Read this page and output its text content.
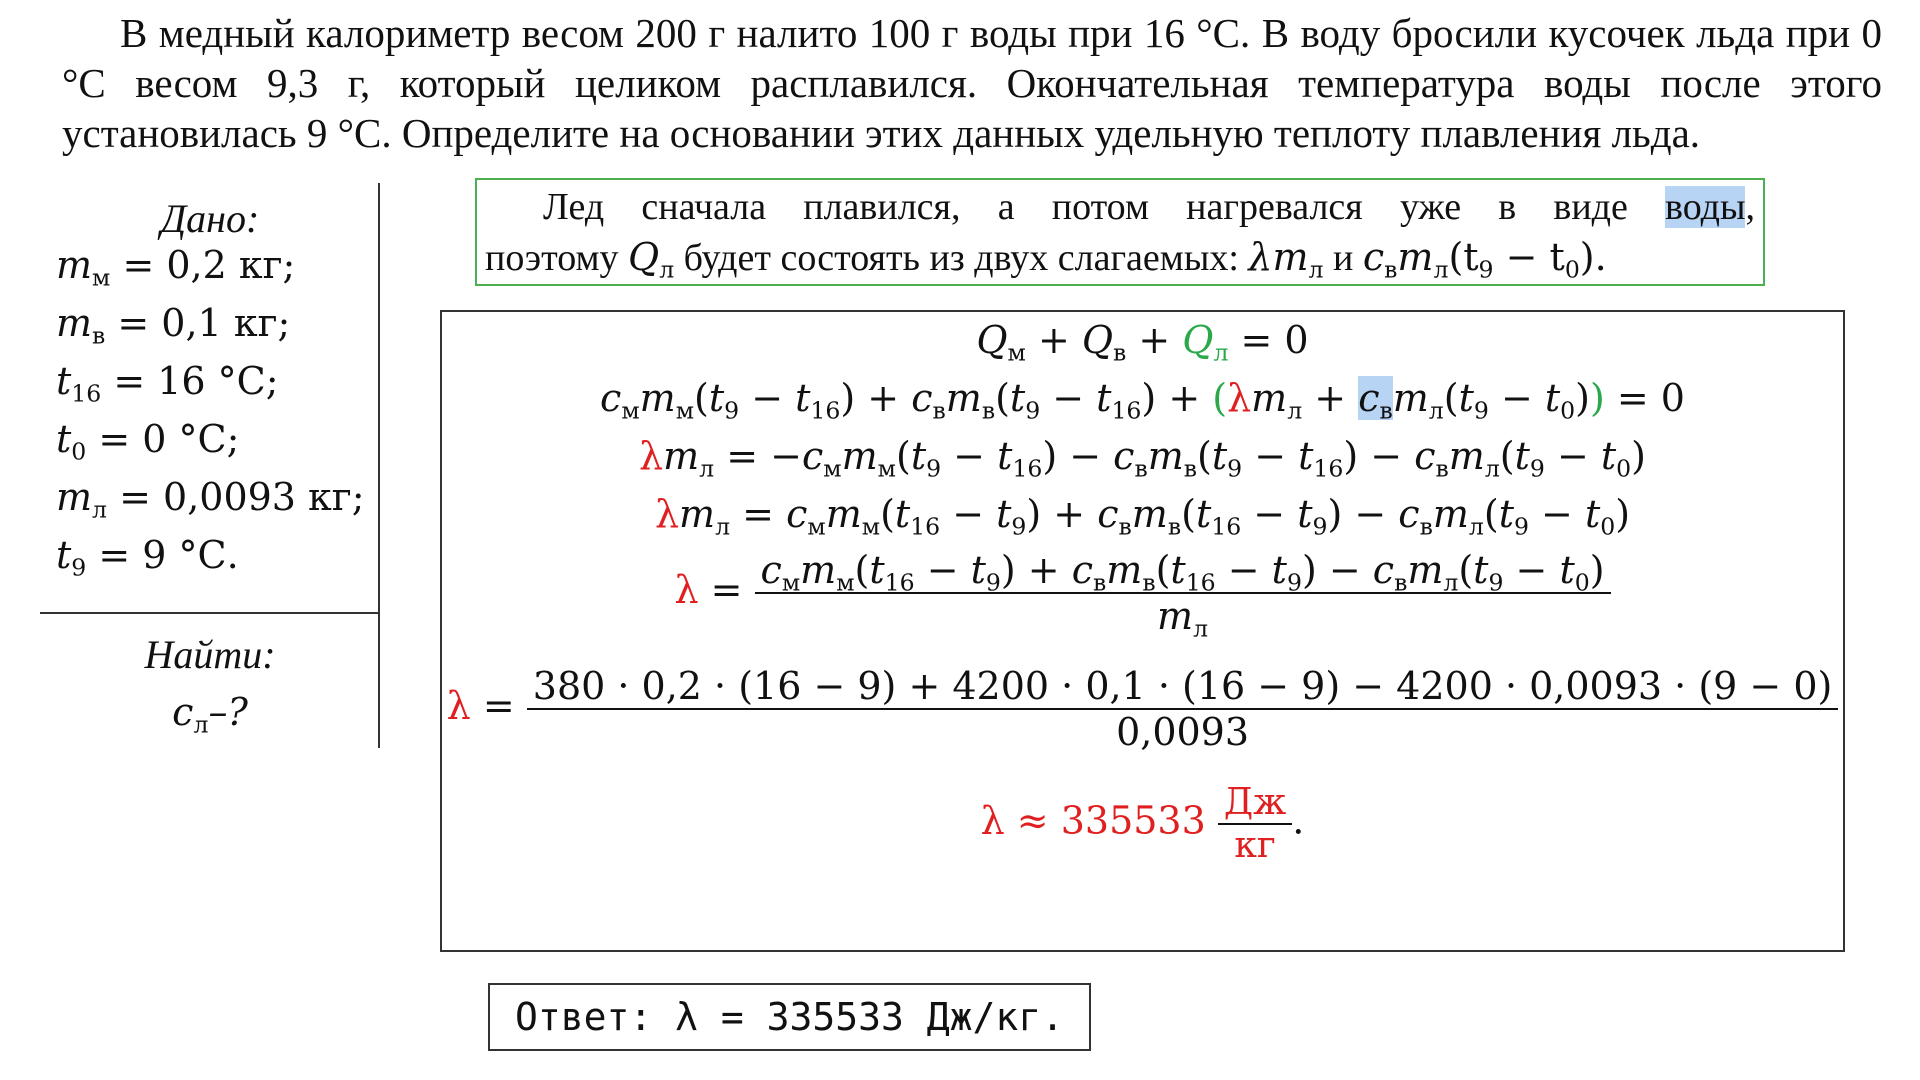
В медный калориметр весом 200 г налито 100 г воды при 16 °С. В воду бросили кусочек льда при 0 °С весом 9,3 г, который целиком расплавился. Окончательная температура воды после этого установилась 9 °С. Определите на основании этих данных удельную теплоту плавления льда.

Дано:
$m_м = 0,2$ кг;
$m_в = 0,1$ кг;
$t_{16} = 16$ °С;
$t_0 = 0$ °С;
$m_л = 0,0093$ кг;
$t_9 = 9$ °С.
Найти:
$c_л-$?
Лед сначала плавился, а потом нагревался уже в виде воды,
поэтому $Q_л$ будет состоять из двух слагаемых: $\lambda m_л$ и $c_вm_л(t_9 - t_0)$.
$Q_м + Q_в + Q_л = 0$
$c_мm_м(t_9 - t_{16}) + c_вm_в(t_9 - t_{16}) + (\lambda m_л + c_вm_л(t_9 - t_0)) = 0$
$\lambda m_л = -c_мm_м(t_9 - t_{16}) - c_вm_в(t_9 - t_{16}) - c_вm_л(t_9 - t_0)$
$\lambda m_л = c_мm_м(t_{16} - t_9) + c_вm_в(t_{16} - t_9) - c_вm_л(t_9 - t_0)$
$\lambda = \frac{c_мm_м(t_{16} - t_9) + c_вm_в(t_{16} - t_9) - c_вm_л(t_9 - t_0)}{m_л}$
λ = 380 · 0,2 · (16 − 9) + 4200 · 0,1 · (16 − 9) − 4200 · 0,0093 · (9 − 0)
0,0093
$\lambda \approx 335533 \frac{Дж}{кг}$ .
Ответ: λ = 335533 Дж/кг.
